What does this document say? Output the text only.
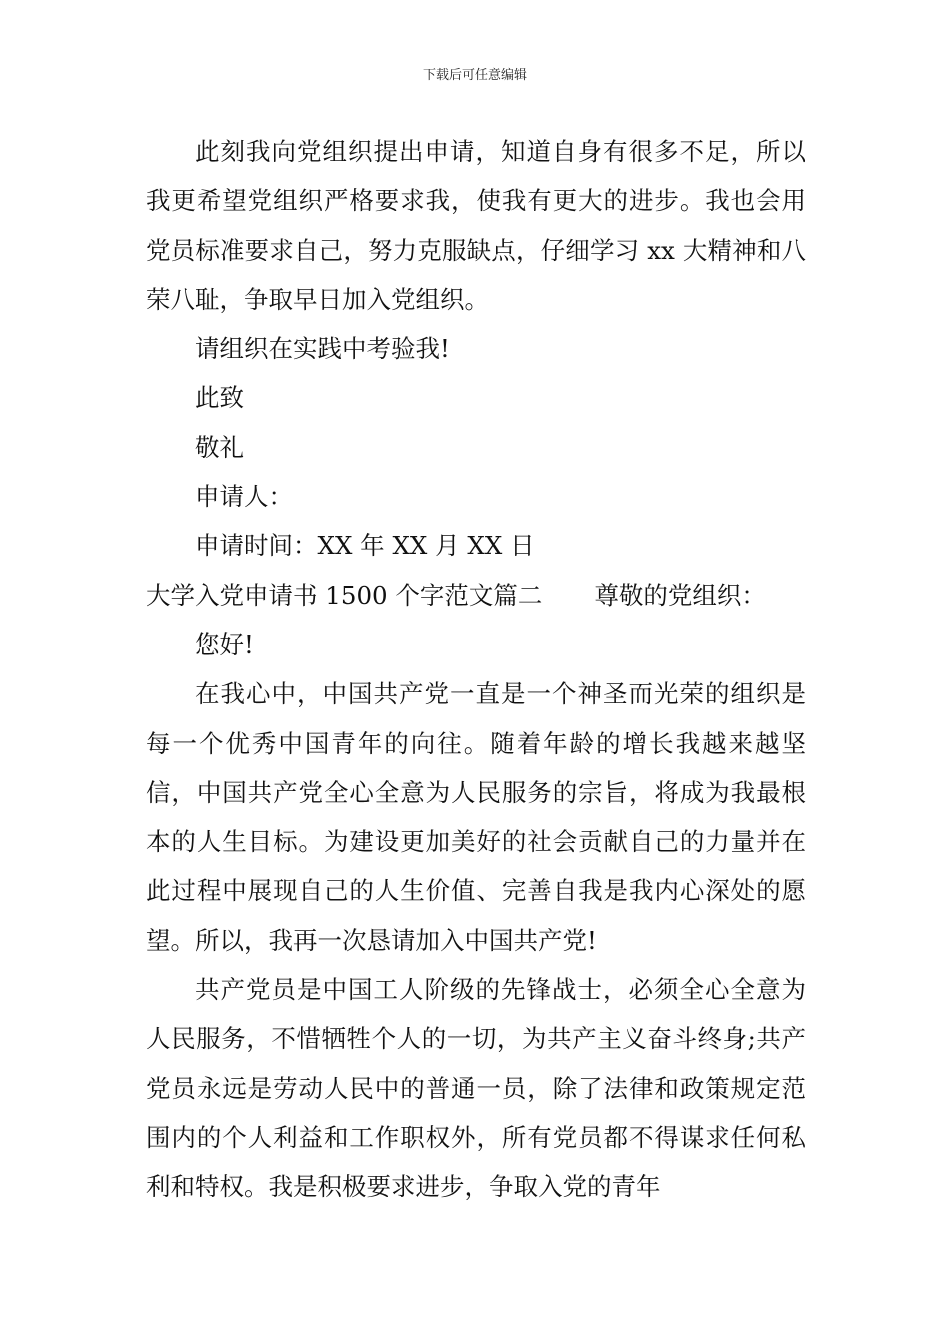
下载后可任意编辑

此刻我向党组织提出申请，知道自身有很多不足，所以我更希望党组织严格要求我，使我有更大的进步。我也会用党员标准要求自己，努力克服缺点，仔细学习 xx 大精神和八荣八耻，争取早日加入党组织。

请组织在实践中考验我!

此致

敬礼

申请人：

申请时间：XX 年 XX 月 XX 日

大学入党申请书 1500 个字范文篇二 尊敬的党组织：

您好!

在我心中，中国共产党一直是一个神圣而光荣的组织是每一个优秀中国青年的向往。随着年龄的增长我越来越坚信，中国共产党全心全意为人民服务的宗旨，将成为我最根本的人生目标。为建设更加美好的社会贡献自己的力量并在此过程中展现自己的人生价值、完善自我是我内心深处的愿望。所以，我再一次恳请加入中国共产党!

共产党员是中国工人阶级的先锋战士，必须全心全意为人民服务，不惜牺牲个人的一切，为共产主义奋斗终身;共产党员永远是劳动人民中的普通一员，除了法律和政策规定范围内的个人利益和工作职权外，所有党员都不得谋求任何私利和特权。我是积极要求进步，争取入党的青年
